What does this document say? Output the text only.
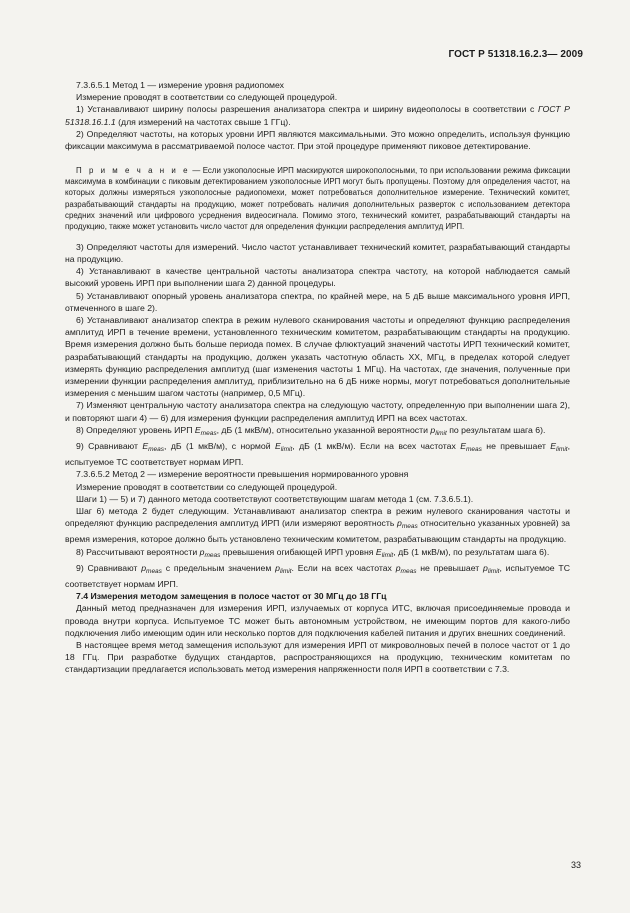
ГОСТ Р 51318.16.2.3— 2009

7.3.6.5.1 Метод 1 — измерение уровня радиопомех

Измерение проводят в соответствии со следующей процедурой.

1) Устанавливают ширину полосы разрешения анализатора спектра и ширину видеополосы в соответствии с ГОСТ Р 51318.16.1.1 (для измерений на частотах свыше 1 ГГц).

2) Определяют частоты, на которых уровни ИРП являются максимальными. Это можно определить, используя функцию фиксации максимума в рассматриваемой полосе частот. При этой процедуре применяют пиковое детектирование.

П р и м е ч а н и е — Если узкополосные ИРП маскируются широкополосными, то при использовании режима фиксации максимума в комбинации с пиковым детектированием узкополосные ИРП могут быть пропущены. Поэтому для определения частот, на которых должны измеряться узкополосные радиопомехи, может потребоваться дополнительное измерение. Технический комитет, разрабатывающий стандарты на продукцию, может потребовать наличия дополнительных разверток с использованием детектора средних значений или цифрового усреднения видеосигнала. Помимо этого, технический комитет, разрабатывающий стандарты на продукцию, также может установить число частот для определения функции распределения амплитуд ИРП.

3) Определяют частоты для измерений. Число частот устанавливает технический комитет, разрабатывающий стандарты на продукцию.

4) Устанавливают в качестве центральной частоты анализатора спектра частоту, на которой наблюдается самый высокий уровень ИРП при выполнении шага 2) данной процедуры.

5) Устанавливают опорный уровень анализатора спектра, по крайней мере, на 5 дБ выше максимального уровня ИРП, отмеченного в шаге 2).

6) Устанавливают анализатор спектра в режим нулевого сканирования частоты и определяют функцию распределения амплитуд ИРП в течение времени, установленного техническим комитетом, разрабатывающим стандарты на продукцию. Время измерения должно быть больше периода помех. В случае флюктуаций значений частоты ИРП технический комитет, разрабатывающий стандарты на продукцию, должен указать частотную область XX, МГц, в пределах которой следует измерять функцию распределения амплитуд (шаг изменения частоты 1 МГц). На частотах, где значения, полученные при измерении функции распределения амплитуд, приблизительно на 6 дБ ниже нормы, могут потребоваться дополнительные измерения с меньшим шагом частоты (например, 0,5 МГц).

7) Изменяют центральную частоту анализатора спектра на следующую частоту, определенную при выполнении шага 2), и повторяют шаги 4) — 6) для измерения функции распределения амплитуд ИРП на всех частотах.

8) Определяют уровень ИРП $E_{meas}$, дБ (1 мкВ/м), относительно указанной вероятности $p_{limit}$ по результатам шага 6).

9) Сравнивают $E_{meas}$, дБ (1 мкВ/м), с нормой $E_{limit}$, дБ (1 мкВ/м). Если на всех частотах $E_{meas}$ не превышает $E_{limit}$, испытуемое ТС соответствует нормам ИРП.

7.3.6.5.2 Метод 2 — измерение вероятности превышения нормированного уровня

Измерение проводят в соответствии со следующей процедурой.

Шаги 1) — 5) и 7) данного метода соответствуют соответствующим шагам метода 1 (см. 7.3.6.5.1).

Шаг 6) метода 2 будет следующим. Устанавливают анализатор спектра в режим нулевого сканирования частоты и определяют функцию распределения амплитуд ИРП (или измеряют вероятность $p_{meas}$ относительно указанных уровней) за время измерения, которое должно быть установлено техническим комитетом, разрабатывающим стандарты на продукцию.

8) Рассчитывают вероятности $p_{meas}$ превышения огибающей ИРП уровня $E_{limit}$, дБ (1 мкВ/м), по результатам шага 6).

9) Сравнивают $p_{meas}$ с предельным значением $p_{limit}$. Если на всех частотах $p_{meas}$ не превышает $p_{limit}$, испытуемое ТС соответствует нормам ИРП.

7.4 Измерения методом замещения в полосе частот от 30 МГц до 18 ГГц

Данный метод предназначен для измерения ИРП, излучаемых от корпуса ИТС, включая присоединяемые провода и провода внутри корпуса. Испытуемое ТС может быть автономным устройством, не имеющим портов для какого-либо подключения либо имеющим один или несколько портов для подключения кабелей питания и других внешних соединений.

В настоящее время метод замещения используют для измерения ИРП от микроволновых печей в полосе частот от 1 до 18 ГГц. При разработке будущих стандартов, распространяющихся на продукцию, техническим комитетам по стандартизации предлагается использовать метод измерения напряженности поля ИРП в соответствии с 7.3.

33
